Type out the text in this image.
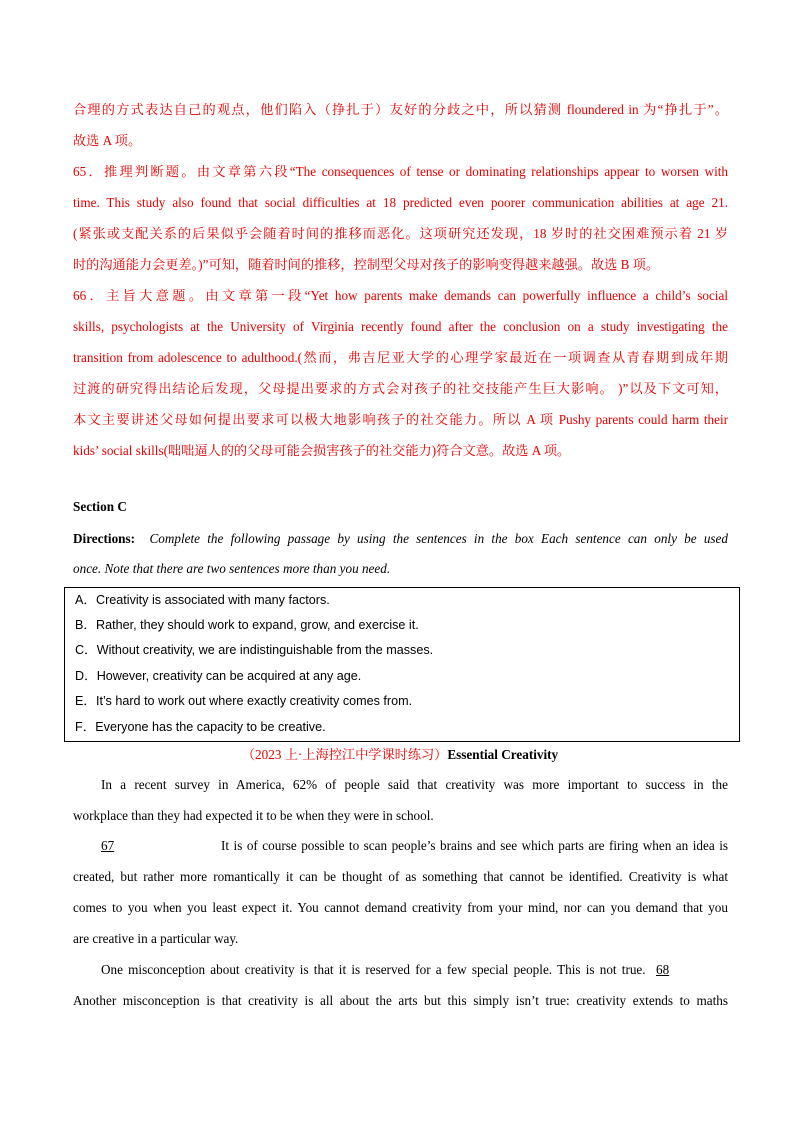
合理的方式表达自己的观点，他们陷入（挣扎于）友好的分歧之中，所以猜测 floundered in 为“挣扎于”。
故选 A 项。
65．推理判断题。由文章第六段“The consequences of tense or dominating relationships appear to worsen with
time. This study also found that social difficulties at 18 predicted even poorer communication abilities at age 21.
(紧张或支配关系的后果似乎会随着时间的推移而恶化。这项研究还发现，18 岁时的社交困难预示着 21 岁
时的沟通能力会更差。)”可知，随着时间的推移，控制型父母对孩子的影响变得越来越强。故选 B 项。
66．主旨大意题。由文章第一段“Yet how parents make demands can powerfully influence a child’s social
skills, psychologists at the University of Virginia recently found after the conclusion on a study investigating the
transition from adolescence to adulthood.(然而，弗吉尼亚大学的心理学家最近在一项调查从青春期到成年期
过渡的研究得出结论后发现，父母提出要求的方式会对孩子的社交技能产生巨大影响。 )”以及下文可知，
本文主要讲述父母如何提出要求可以极大地影响孩子的社交能力。所以 A 项 Pushy parents could harm their
kids’ social skills(咄咄逼人的的父母可能会损害孩子的社交能力)符合文意。故选 A 项。
Section C
Directions: Complete the following passage by using the sentences in the box Each sentence can only be used
once. Note that there are two sentences more than you need.
A．Creativity is associated with many factors.
B．Rather, they should work to expand, grow, and exercise it.
C．Without creativity, we are indistinguishable from the masses.
D．However, creativity can be acquired at any age.
E．It’s hard to work out where exactly creativity comes from.
F．Everyone has the capacity to be creative.
（2023 上·上海控江中学课时练习）Essential Creativity
In a recent survey in America, 62% of people said that creativity was more important to success in the
workplace than they had expected it to be when they were in school.
67	It is of course possible to scan people’s brains and see which parts are firing when an idea is
created, but rather more romantically it can be thought of as something that cannot be identified. Creativity is what
comes to you when you least expect it. You cannot demand creativity from your mind, nor can you demand that you
are creative in a particular way.
One misconception about creativity is that it is reserved for a few special people. This is not true. 68
Another misconception is that creativity is all about the arts but this simply isn’t true: creativity extends to maths
